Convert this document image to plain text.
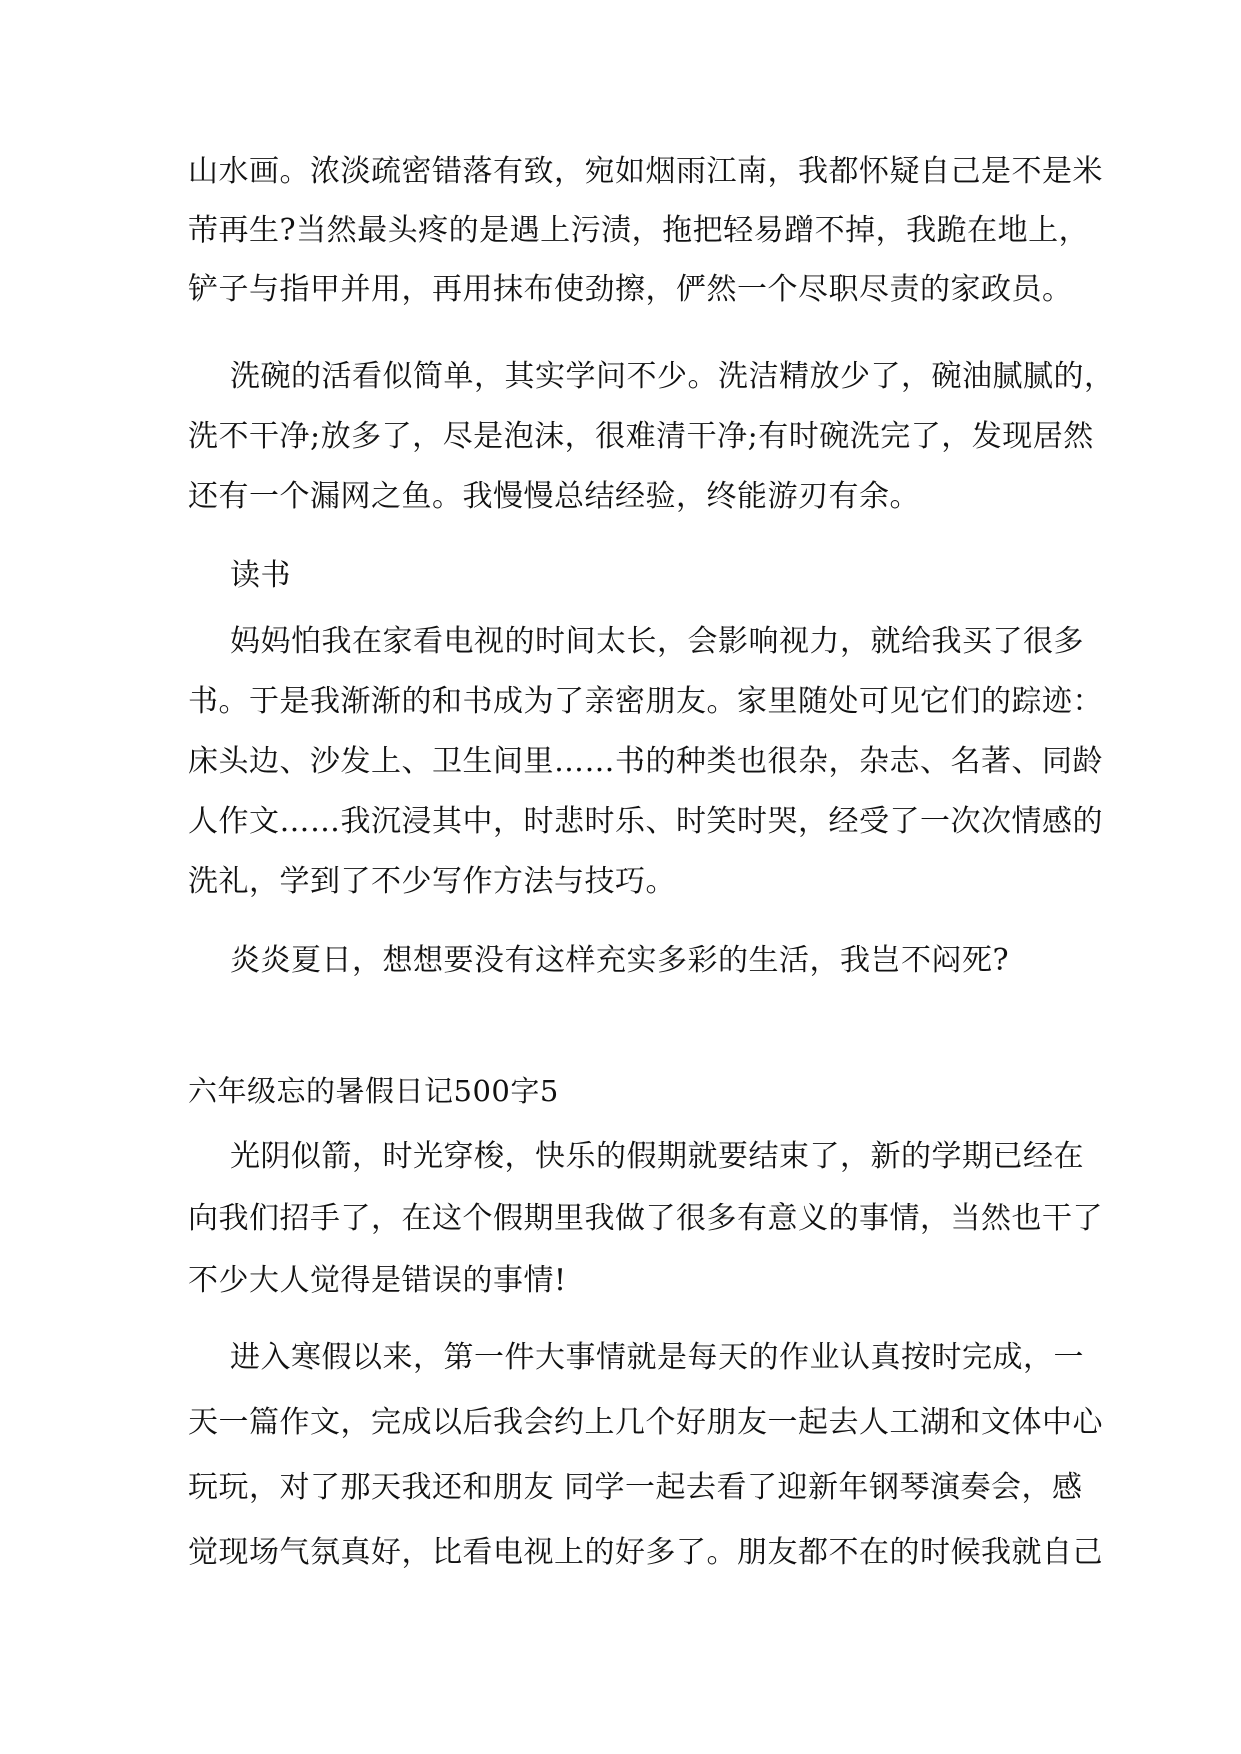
山水画。浓淡疏密错落有致，宛如烟雨江南，我都怀疑自己是不是米
芾再生?当然最头疼的是遇上污渍，拖把轻易蹭不掉，我跪在地上，
铲子与指甲并用，再用抹布使劲擦，俨然一个尽职尽责的家政员。
洗碗的活看似简单，其实学问不少。洗洁精放少了，碗油腻腻的，
洗不干净;放多了，尽是泡沫，很难清干净;有时碗洗完了，发现居然
还有一个漏网之鱼。我慢慢总结经验，终能游刃有余。
读书
妈妈怕我在家看电视的时间太长，会影响视力，就给我买了很多
书。于是我渐渐的和书成为了亲密朋友。家里随处可见它们的踪迹：
床头边、沙发上、卫生间里……书的种类也很杂，杂志、名著、同龄
人作文……我沉浸其中，时悲时乐、时笑时哭，经受了一次次情感的
洗礼，学到了不少写作方法与技巧。
炎炎夏日，想想要没有这样充实多彩的生活，我岂不闷死?
六年级忘的暑假日记500字5
光阴似箭，时光穿梭，快乐的假期就要结束了，新的学期已经在
向我们招手了，在这个假期里我做了很多有意义的事情，当然也干了
不少大人觉得是错误的事情!
进入寒假以来，第一件大事情就是每天的作业认真按时完成，一
天一篇作文，完成以后我会约上几个好朋友一起去人工湖和文体中心
玩玩，对了那天我还和朋友 同学一起去看了迎新年钢琴演奏会，感
觉现场气氛真好，比看电视上的好多了。朋友都不在的时候我就自己
